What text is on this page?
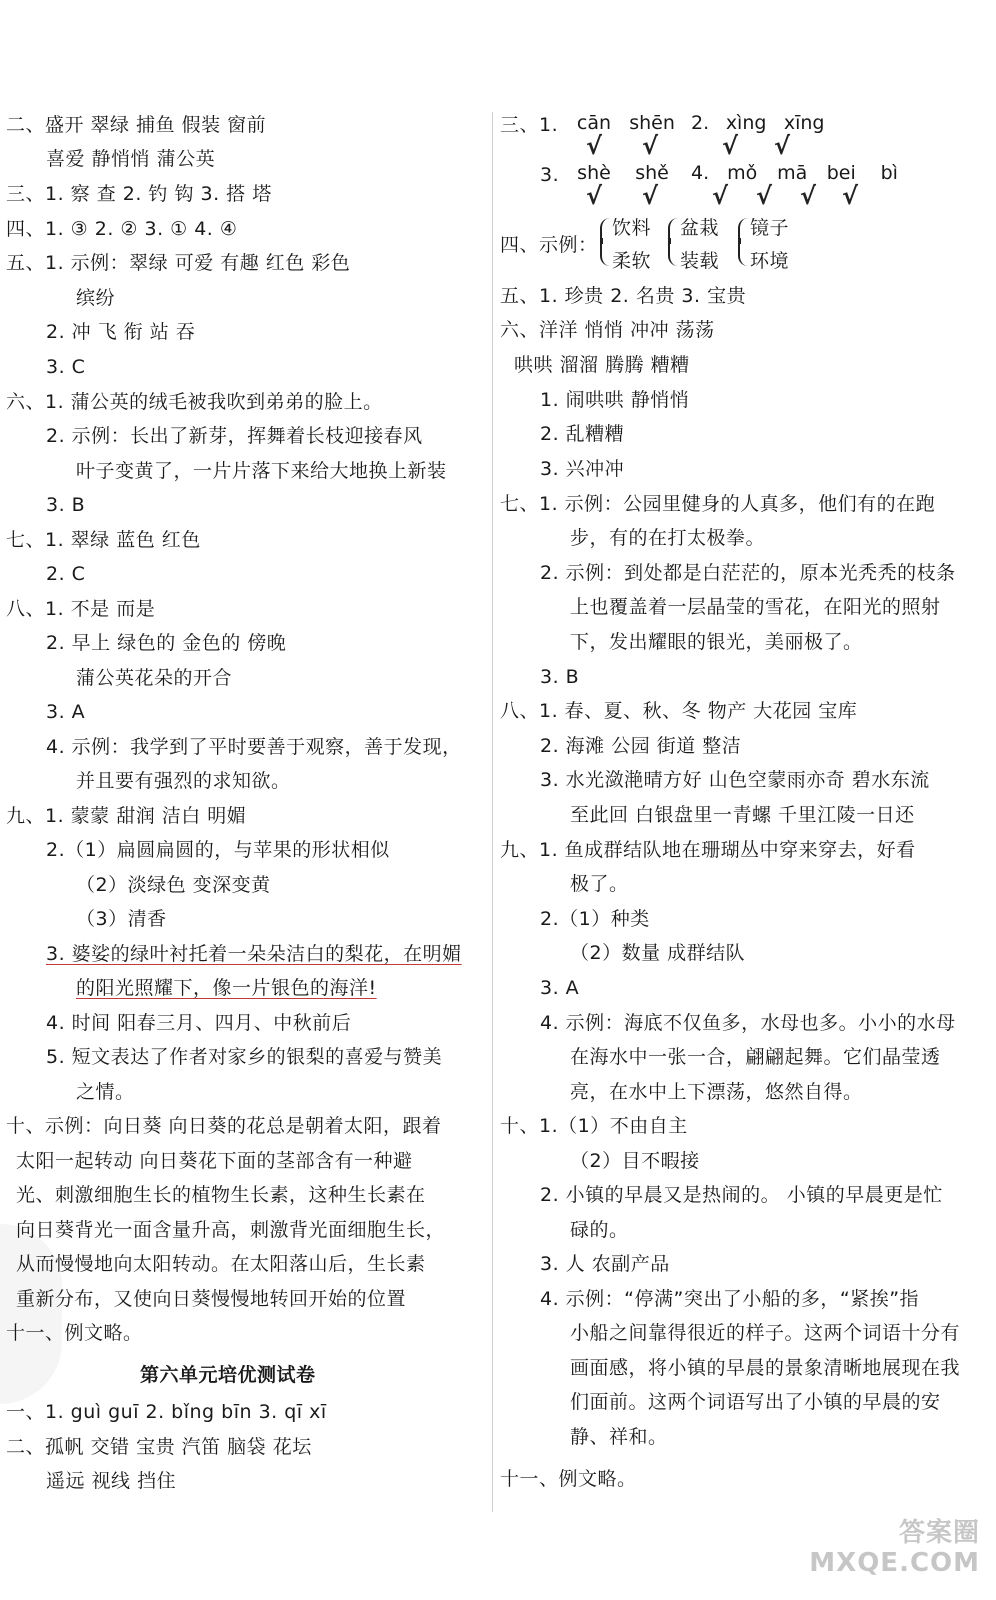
二、盛开 翠绿 捕鱼 假装 窗前
喜爱 静悄悄 蒲公英
三、1. 察 查 2. 钓 钩 3. 搭 塔
四、1. ③ 2. ② 3. ① 4. ④
五、1. 示例：翠绿 可爱 有趣 红色 彩色
缤纷
2. 冲 飞 衔 站 吞
3. C
六、1. 蒲公英的绒毛被我吹到弟弟的脸上。
2. 示例：长出了新芽，挥舞着长枝迎接春风
叶子变黄了，一片片落下来给大地换上新装
3. B
七、1. 翠绿 蓝色 红色
2. C
八、1. 不是 而是
2. 早上 绿色的 金色的 傍晚
蒲公英花朵的开合
3. A
4. 示例：我学到了平时要善于观察，善于发现，
并且要有强烈的求知欲。
九、1. 蒙蒙 甜润 洁白 明媚
2.（1）扁圆扁圆的，与苹果的形状相似
（2）淡绿色 变深变黄
（3）清香
3. 婆娑的绿叶衬托着一朵朵洁白的梨花，在明媚
的阳光照耀下，像一片银色的海洋!
4. 时间 阳春三月、四月、中秋前后
5. 短文表达了作者对家乡的银梨的喜爱与赞美
之情。
十、示例：向日葵 向日葵的花总是朝着太阳，跟着
太阳一起转动 向日葵花下面的茎部含有一种避
光、刺激细胞生长的植物生长素，这种生长素在
向日葵背光一面含量升高，刺激背光面细胞生长，
从而慢慢地向太阳转动。在太阳落山后，生长素
重新分布，又使向日葵慢慢地转回开始的位置
十一、例文略。
第六单元培优测试卷
一、1. guì guī 2. bǐng bīn 3. qī xī
二、孤帆 交错 宝贵 汽笛 脑袋 花坛
遥远 视线 挡住
cān shēn 2. xìng xīng
√ √	√ √
shè shě 4. mǒ mā bei bì
√ √ √ √ √ √
三、1.
3.
四、示例：
饮料
柔软
盆栽
装载
镜子
环境
五、1. 珍贵 2. 名贵 3. 宝贵
六、洋洋 悄悄 冲冲 荡荡
哄哄 溜溜 腾腾 糟糟
1. 闹哄哄 静悄悄
2. 乱糟糟
3. 兴冲冲
七、1. 示例：公园里健身的人真多，他们有的在跑
步，有的在打太极拳。
2. 示例：到处都是白茫茫的，原本光秃秃的枝条
上也覆盖着一层晶莹的雪花，在阳光的照射
下，发出耀眼的银光，美丽极了。
3. B
八、1. 春、夏、秋、冬 物产 大花园 宝库
2. 海滩 公园 街道 整洁
3. 水光潋滟晴方好 山色空蒙雨亦奇 碧水东流
至此回 白银盘里一青螺 千里江陵一日还
九、1. 鱼成群结队地在珊瑚丛中穿来穿去，好看
极了。
2.（1）种类
（2）数量 成群结队
3. A
4. 示例：海底不仅鱼多，水母也多。小小的水母
在海水中一张一合，翩翩起舞。它们晶莹透
亮，在水中上下漂荡，悠然自得。
十、1.（1）不由自主
（2）目不暇接
2. 小镇的早晨又是热闹的。 小镇的早晨更是忙
碌的。
3. 人 农副产品
4. 示例：“停满”突出了小船的多，“紧挨”指
小船之间靠得很近的样子。这两个词语十分有
画面感，将小镇的早晨的景象清晰地展现在我
们面前。这两个词语写出了小镇的早晨的安
静、祥和。
十一、例文略。
答案圈
MXQE.COM
